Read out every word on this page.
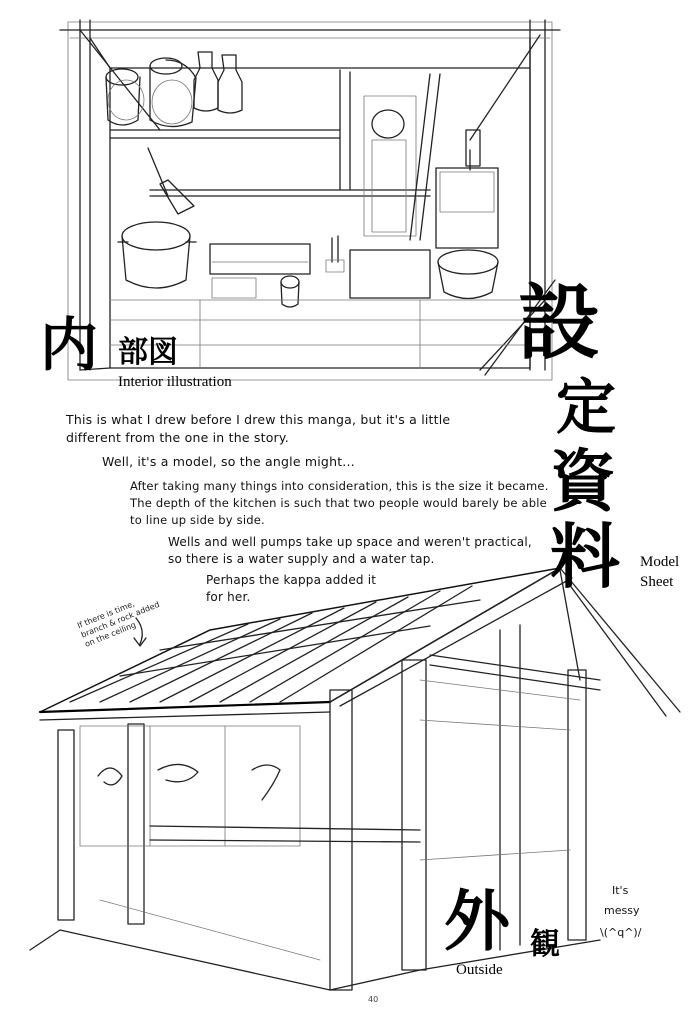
内 部図
Interior illustration
設
定
資
料 Model
Sheet
This is what I drew before I drew this manga, but it's a little
different from the one in the story.
Well, it's a model, so the angle might...
After taking many things into consideration, this is the size it became.
The depth of the kitchen is such that two people would barely be able
to line up side by side.
Wells and well pumps take up space and weren't practical,
so there is a water supply and a water tap.
Perhaps the kappa added it
for her.
If there is time,
branch & rock added
on the ceiling
外 観
Outside
It's
messy
\(^q^)/
40
